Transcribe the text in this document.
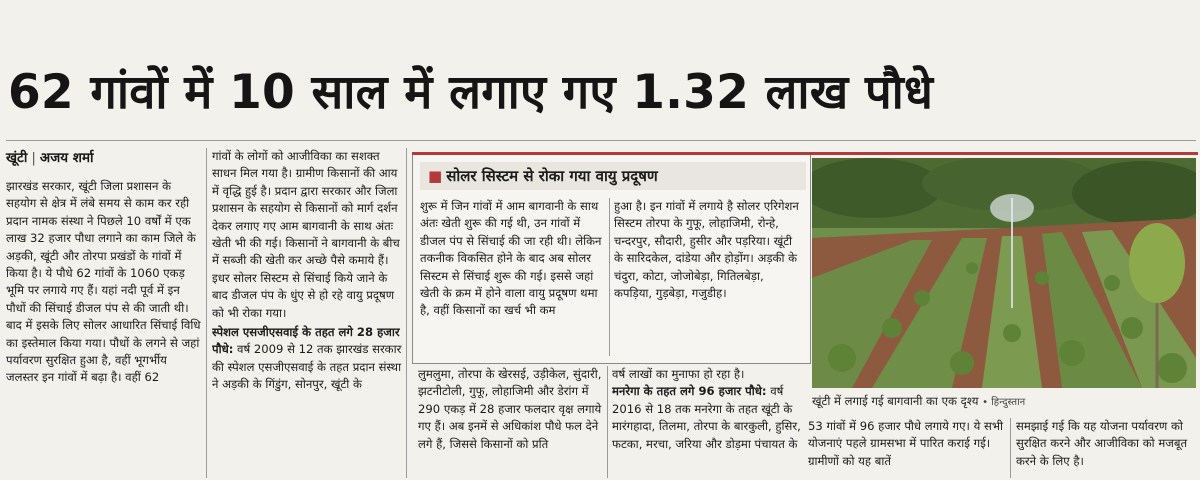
62 गांवों में 10 साल में लगाए गए 1.32 लाख पौधे
खूंटी | अजय शर्मा

झारखंड सरकार, खूंटी जिला प्रशासन के सहयोग से क्षेत्र में लंबे समय से काम कर रही प्रदान नामक संस्था ने पिछले 10 वर्षों में एक लाख 32 हजार पौधा लगाने का काम जिले के अड़की, खूंटी और तोरपा प्रखंडों के गांवों में किया है। ये पौधे 62 गांवों के 1060 एकड़ भूमि पर लगाये गए हैं। यहां नदी पूर्व में इन पौधों की सिंचाई डीजल पंप से की जाती थी। बाद में इसके लिए सोलर आधारित सिंचाई विधि का इस्तेमाल किया गया। पौधों के लगने से जहां पर्यावरण सुरक्षित हुआ है, वहीं भूगर्भीय जलस्तर इन गांवों में बढ़ा है। वहीं 62

गांवों के लोगों को आजीविका का सशक्त साधन मिल गया है। ग्रामीण किसानों की आय में वृद्धि हुई है। प्रदान द्वारा सरकार और जिला प्रशासन के सहयोग से किसानों को मार्ग दर्शन देकर लगाए गए आम बागवानी के साथ अंतः खेती भी की गई। किसानों ने बागवानी के बीच में सब्जी की खेती कर अच्छे पैसे कमाये हैं। इधर सोलर सिस्टम से सिंचाई किये जाने के बाद डीजल पंप के धुंए से हो रहे वायु प्रदूषण को भी रोका गया।

स्पेशल एसजीएसवाई के तहत लगे 28 हजार पौधे: वर्ष 2009 से 12 तक झारखंड सरकार की स्पेशल एसजीएसवाई के तहत प्रदान संस्था ने अड़की के गिंडुंग, सोनपुर, खूंटी के

■ सोलर सिस्टम से रोका गया वायु प्रदूषण

शुरू में जिन गांवों में आम बागवानी के साथ अंतः खेती शुरू की गई थी, उन गांवों में डीजल पंप से सिंचाई की जा रही थी। लेकिन तकनीक विकसित होने के बाद अब सोलर सिस्टम से सिंचाई शुरू की गई। इससे जहां खेती के क्रम में होने वाला वायु प्रदूषण थमा है, वहीं किसानों का खर्च भी कम

हुआ है। इन गांवों में लगाये है सोलर एरिगेशन सिस्टम तोरपा के गुफू, लोहाजिमी, रोन्हे, चन्दरपुर, सौदारी, हुसीर और पड़रिया। खूंटी के सारिदकेल, दांडेया और होड़ोंग। अड़की के चंदुरा, कोटा, जोजोबेड़ा, गितिलबेड़ा, कपड़िया, गुड़बेड़ा, गजुडीह।

लुमलुमा, तोरपा के खेरसई, उड़ीकेल, सुंदारी, झटनीटोली, गुफू, लोहाजिमी और डेरांग में 290 एकड़ में 28 हजार फलदार वृक्ष लगाये गए हैं। अब इनमें से अधिकांश पौधे फल देने लगे हैं, जिससे किसानों को प्रति

वर्ष लाखों का मुनाफा हो रहा है।

मनरेगा के तहत लगे 96 हजार पौधे: वर्ष 2016 से 18 तक मनरेगा के तहत खूंटी के मारंगहादा, तिलमा, तोरपा के बारकुली, हुसिर, फटका, मरचा, जरिया और डोड़मा पंचायत के

खूंटी में लगाई गई बागवानी का एक दृश्य • हिन्दुस्तान

53 गांवों में 96 हजार पौधे लगाये गए। ये सभी योजनाएं पहले ग्रामसभा में पारित कराई गई। ग्रामीणों को यह बातें

समझाई गई कि यह योजना पर्यावरण को सुरक्षित करने और आजीविका को मजबूत करने के लिए है।
